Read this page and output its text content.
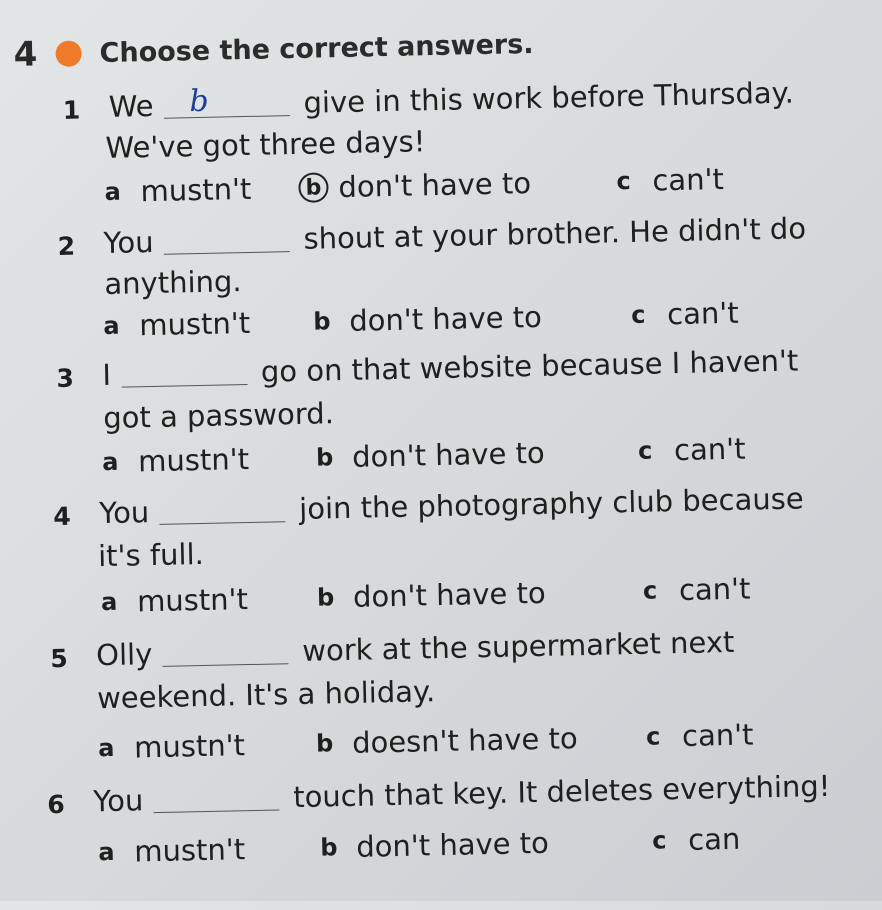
4	Choose the correct answers.
1 We b	give in this work before Thursday.
We've got three days!
a mustn't b don't have to	c can't
2 You	shout at your brother. He didn't do
anything.
a mustn't	b don't have to	c can't
3 I	go on that website because I haven't
got a password.
a mustn't	b don't have to	c can't
4 You	join the photography club because
it's full.
a mustn't	b don't have to	c can't
5 Olly	work at the supermarket next
weekend. It's a holiday.
a mustn't	b doesn't have to	c can't
6 You	touch that key. It deletes everything!
a mustn't	b don't have to	c can
